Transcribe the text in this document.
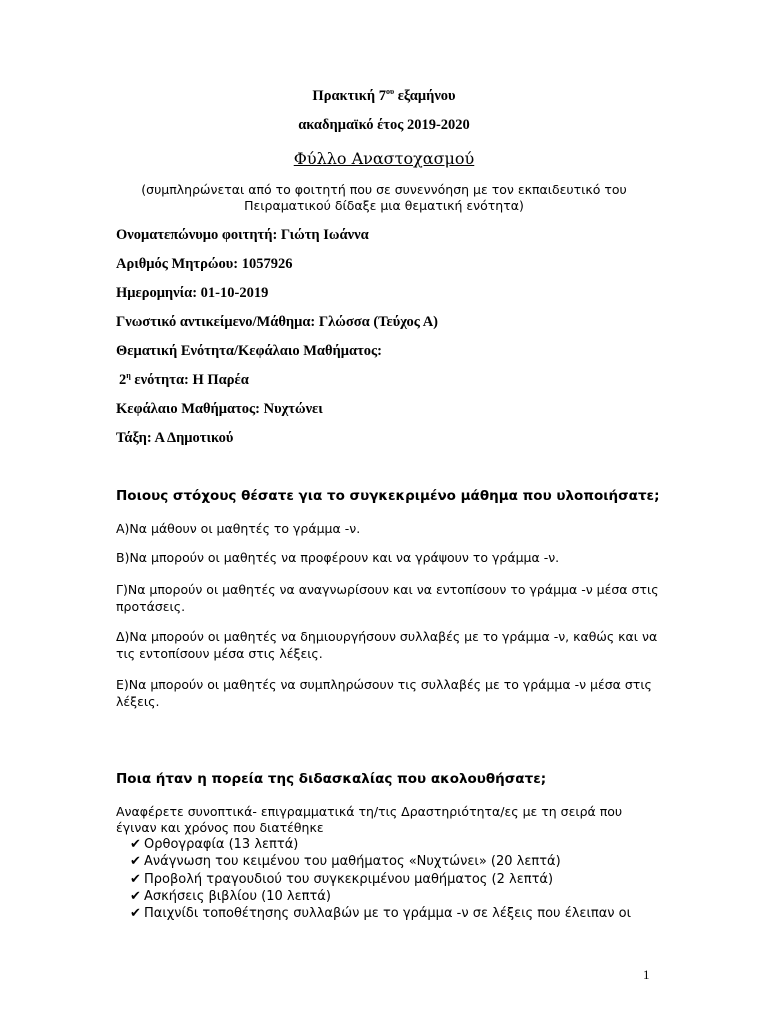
Πρακτική $7^{o\upsilon}$ εξαμήνου
ακαδημαϊκό έτος 2019-2020
Φύλλο Αναστοχασμού
(συμπληρώνεται από το φοιτητή που σε συνεννόηση με τον εκπαιδευτικό του
Πειραματικού δίδαξε μια θεματική ενότητα)
Ονοματεπώνυμο φοιτητή: Γιώτη Ιωάννα
Αριθμός Μητρώου: 1057926
Ημερομηνία: 01-10-2019
Γνωστικό αντικείμενο/Μάθημα: Γλώσσα (Τεύχος Α)
Θεματική Ενότητα/Κεφάλαιο Μαθήματος:
$2^\eta$ ενότητα: Η Παρέα
Κεφάλαιο Μαθήματος: Νυχτώνει
Τάξη: Α Δημοτικού
Ποιους στόχους θέσατε για το συγκεκριμένο μάθημα που υλοποιήσατε;
Α)Να μάθουν οι μαθητές το γράμμα -ν.
Β)Να μπορούν οι μαθητές να προφέρουν και να γράψουν το γράμμα -ν.
Γ)Να μπορούν οι μαθητές να αναγνωρίσουν και να εντοπίσουν το γράμμα -ν μέσα στις
προτάσεις.
Δ)Να μπορούν οι μαθητές να δημιουργήσουν συλλαβές με το γράμμα -ν, καθώς και να
τις εντοπίσουν μέσα στις λέξεις.
Ε)Να μπορούν οι μαθητές να συμπληρώσουν τις συλλαβές με το γράμμα -ν μέσα στις
λέξεις.
Ποια ήταν η πορεία της διδασκαλίας που ακολουθήσατε;
Αναφέρετε συνοπτικά- επιγραμματικά τη/τις Δραστηριότητα/ες με τη σειρά που
έγιναν και χρόνος που διατέθηκε
✔ Ορθογραφία (13 λεπτά)
✔ Ανάγνωση του κειμένου του μαθήματος «Νυχτώνει» (20 λεπτά)
✔ Προβολή τραγουδιού του συγκεκριμένου μαθήματος (2 λεπτά)
✔ Ασκήσεις βιβλίου (10 λεπτά)
✔ Παιχνίδι τοποθέτησης συλλαβών με το γράμμα -ν σε λέξεις που έλειπαν οι
1
